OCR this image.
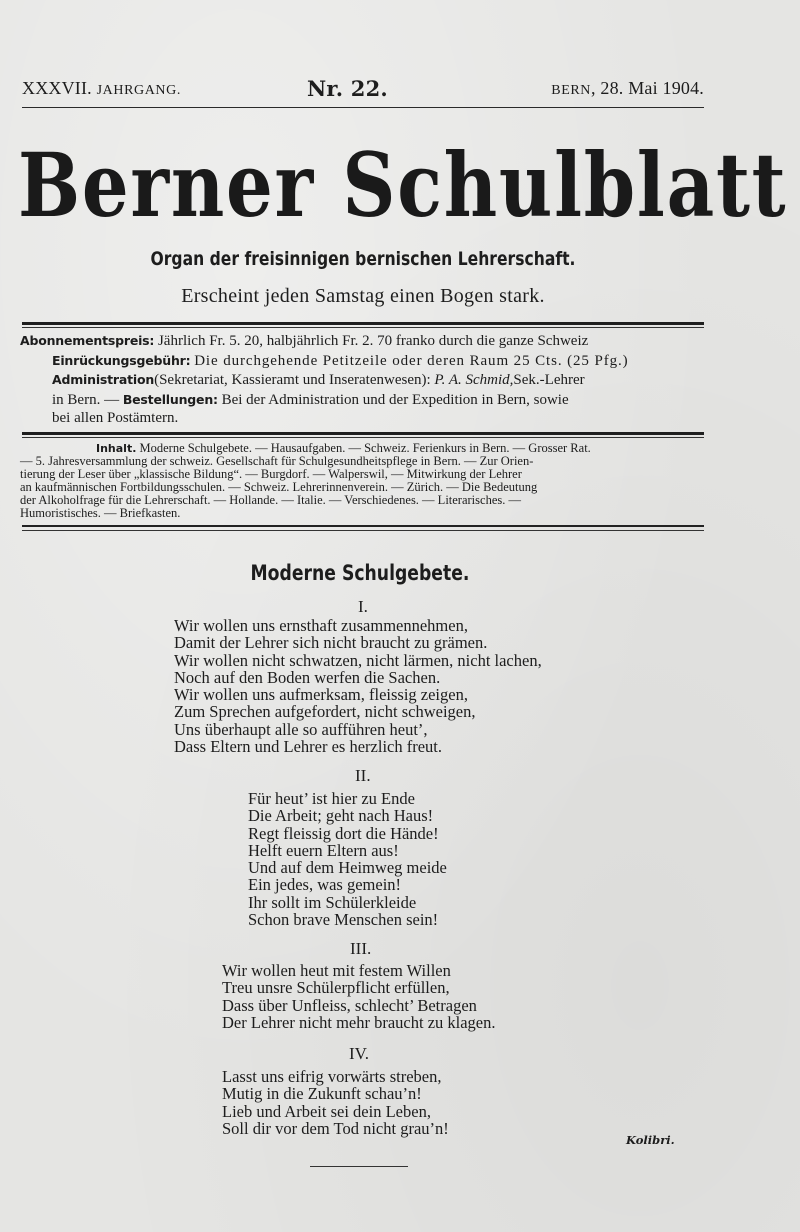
XXXVII. JAHRGANG.	Nr. 22.	BERN, 28. Mai 1904.
Berner Schulblatt
Organ der freisinnigen bernischen Lehrerschaft.
Erscheint jeden Samstag einen Bogen stark.
Abonnementspreis: Jährlich Fr. 5. 20, halbjährlich Fr. 2. 70 franko durch die ganze Schweiz
Einrückungsgebühr: Die durchgehende Petitzeile oder deren Raum 25 Cts. (25 Pfg.)
Administration(Sekretariat, Kassieramt und Inseratenwesen): P. A. Schmid,Sek.-Lehrer
in Bern. — Bestellungen: Bei der Administration und der Expedition in Bern, sowie
bei allen Postämtern.
Inhalt. Moderne Schulgebete. — Hausaufgaben. — Schweiz. Ferienkurs in Bern. — Grosser Rat.
— 5. Jahresversammlung der schweiz. Gesellschaft für Schulgesundheitspflege in Bern. — Zur Orien-
tierung der Leser über „klassische Bildung“. — Burgdorf. — Walperswil, — Mitwirkung der Lehrer
an kaufmännischen Fortbildungsschulen. — Schweiz. Lehrerinnenverein. — Zürich. — Die Bedeutung
der Alkoholfrage für die Lehrerschaft. — Hollande. — Italie. — Verschiedenes. — Literarisches. —
Humoristisches. — Briefkasten.
Moderne Schulgebete.
I.
Wir wollen uns ernsthaft zusammennehmen,
Damit der Lehrer sich nicht braucht zu grämen.
Wir wollen nicht schwatzen, nicht lärmen, nicht lachen,
Noch auf den Boden werfen die Sachen.
Wir wollen uns aufmerksam, fleissig zeigen,
Zum Sprechen aufgefordert, nicht schweigen,
Uns überhaupt alle so aufführen heut’,
Dass Eltern und Lehrer es herzlich freut.
II.
Für heut’ ist hier zu Ende
Die Arbeit; geht nach Haus!
Regt fleissig dort die Hände!
Helft euern Eltern aus!
Und auf dem Heimweg meide
Ein jedes, was gemein!
Ihr sollt im Schülerkleide
Schon brave Menschen sein!
III.
Wir wollen heut mit festem Willen
Treu unsre Schülerpflicht erfüllen,
Dass über Unfleiss, schlecht’ Betragen
Der Lehrer nicht mehr braucht zu klagen.
IV.
Lasst uns eifrig vorwärts streben,
Mutig in die Zukunft schau’n!
Lieb und Arbeit sei dein Leben,
Soll dir vor dem Tod nicht grau’n!
Kolibri.
